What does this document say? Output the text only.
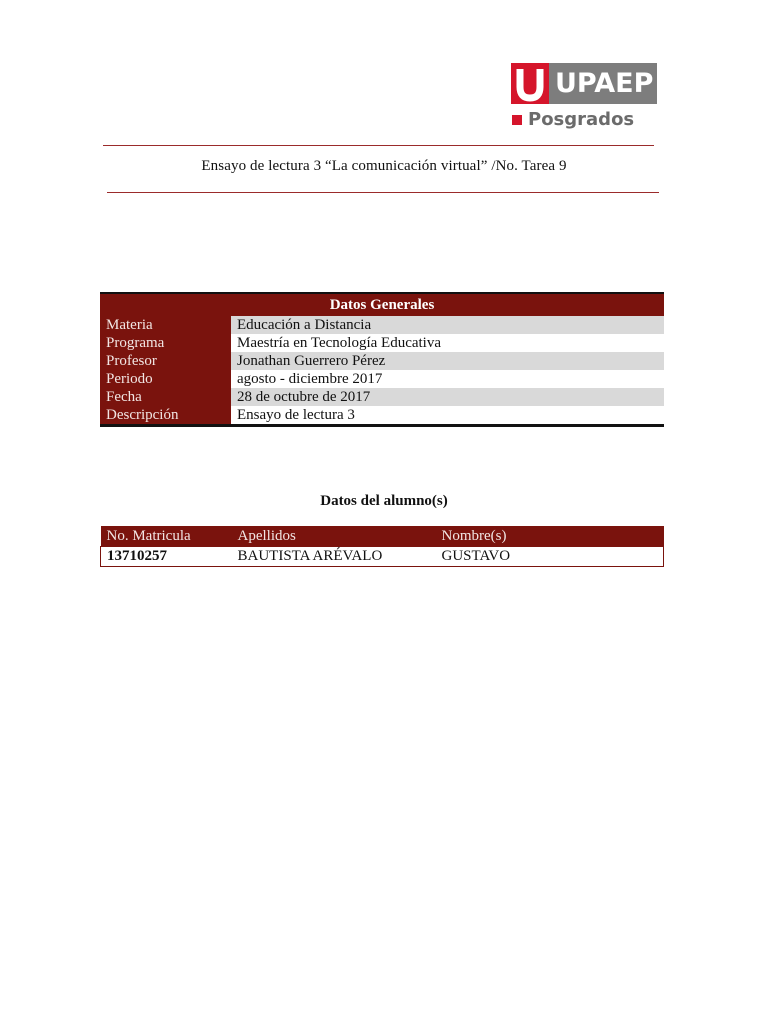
UPAEP
Posgrados
Ensayo de lectura 3 “La comunicación virtual” /No. Tarea 9
Datos Generales	
Materia	Educación a Distancia
Programa	Maestría en Tecnología Educativa
Profesor	Jonathan Guerrero Pérez
Periodo	agosto - diciembre 2017
Fecha	28 de octubre de 2017
Descripción	Ensayo de lectura 3
Datos del alumno(s)
No. Matricula	Apellidos	Nombre(s)
13710257	BAUTISTA ARÉVALO	GUSTAVO
